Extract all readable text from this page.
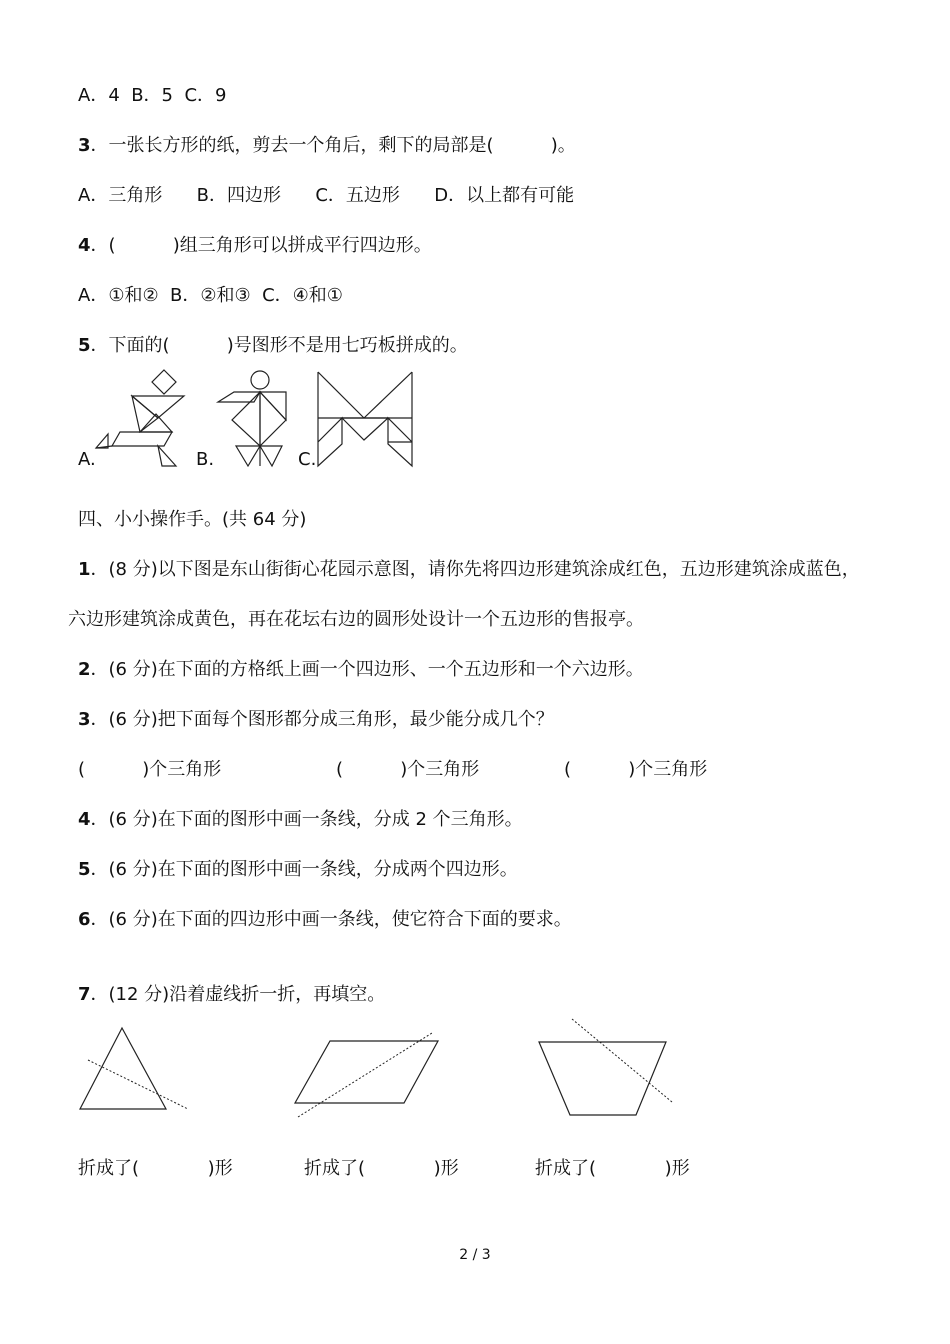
A．4  B．5  C．9
3．一张长方形的纸，剪去一个角后，剩下的局部是(          )。
A．三角形      B．四边形      C．五边形      D．以上都有可能
4．(          )组三角形可以拼成平行四边形。
A．①和②  B．②和③  C．④和①
5．下面的(          )号图形不是用七巧板拼成的。
A.	B.	C.
四、小小操作手。(共 64 分)
1．(8 分)以下图是东山街街心花园示意图，请你先将四边形建筑涂成红色，五边形建筑涂成蓝色，
六边形建筑涂成黄色，再在花坛右边的圆形处设计一个五边形的售报亭。
2．(6 分)在下面的方格纸上画一个四边形、一个五边形和一个六边形。
3．(6 分)把下面每个图形都分成三角形，最少能分成几个？
(          )个三角形	(          )个三角形	(          )个三角形
4．(6 分)在下面的图形中画一条线，分成 2 个三角形。
5．(6 分)在下面的图形中画一条线，分成两个四边形。
6．(6 分)在下面的四边形中画一条线，使它符合下面的要求。
7．(12 分)沿着虚线折一折，再填空。
折成了(            )形	折成了(            )形	折成了(            )形
2 / 3
